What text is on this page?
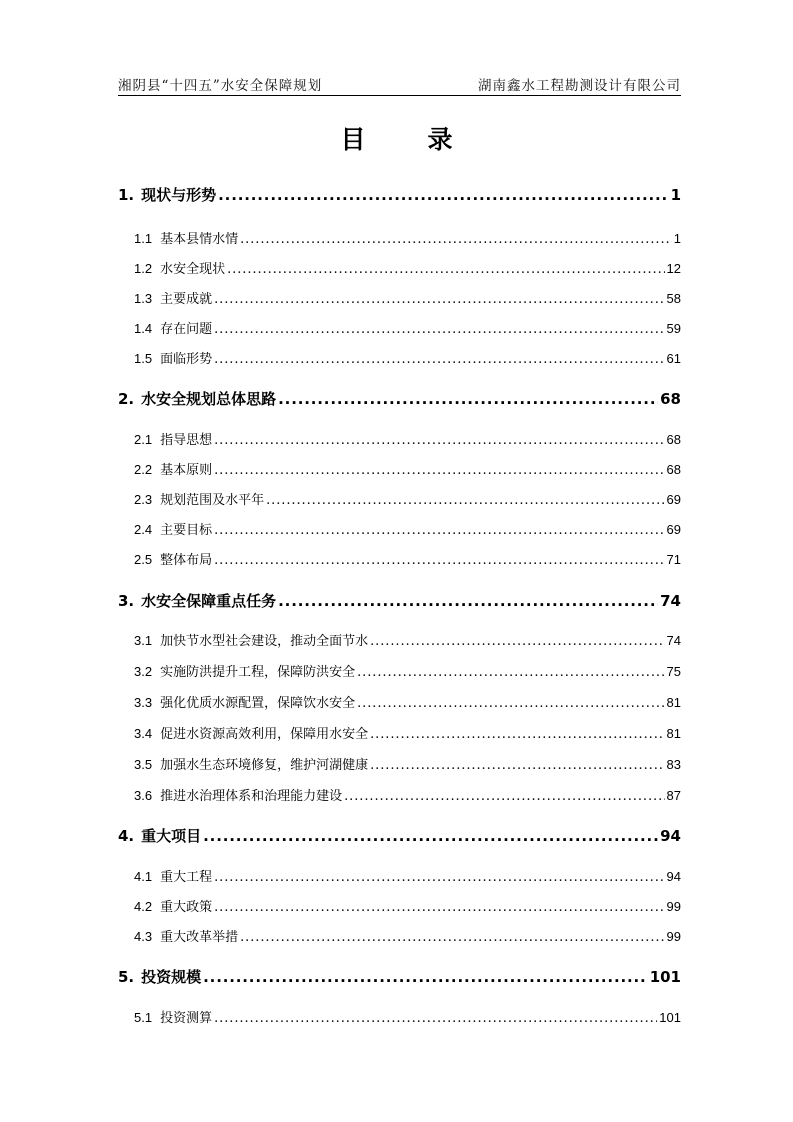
湘阴县“十四五”水安全保障规划	湖南鑫水工程勘测设计有限公司
目录
1. 现状与形势 . . .	1
1.1 基本县情水情 . . .	1
1.2 水安全现状 . . .	12
1.3 主要成就 . . .	58
1.4 存在问题 . . .	59
1.5 面临形势 . . .	61
2. 水安全规划总体思路 . . .	68
2.1 指导思想 . . .	68
2.2 基本原则 . . .	68
2.3 规划范围及水平年 . . .	69
2.4 主要目标 . . .	69
2.5 整体布局 . . .	71
3. 水安全保障重点任务 . . .	74
3.1 加快节水型社会建设，推动全面节水 . . .	74
3.2 实施防洪提升工程，保障防洪安全 . . .	75
3.3 强化优质水源配置，保障饮水安全 . . .	81
3.4 促进水资源高效利用，保障用水安全 . . .	81
3.5 加强水生态环境修复，维护河湖健康 . . .	83
3.6 推进水治理体系和治理能力建设 . . .	87
4. 重大项目 . . .	94
4.1 重大工程 . . .	94
4.2 重大政策 . . .	99
4.3 重大改革举措 . . .	99
5. 投资规模 . . .	101
5.1 投资测算 . . .	101
